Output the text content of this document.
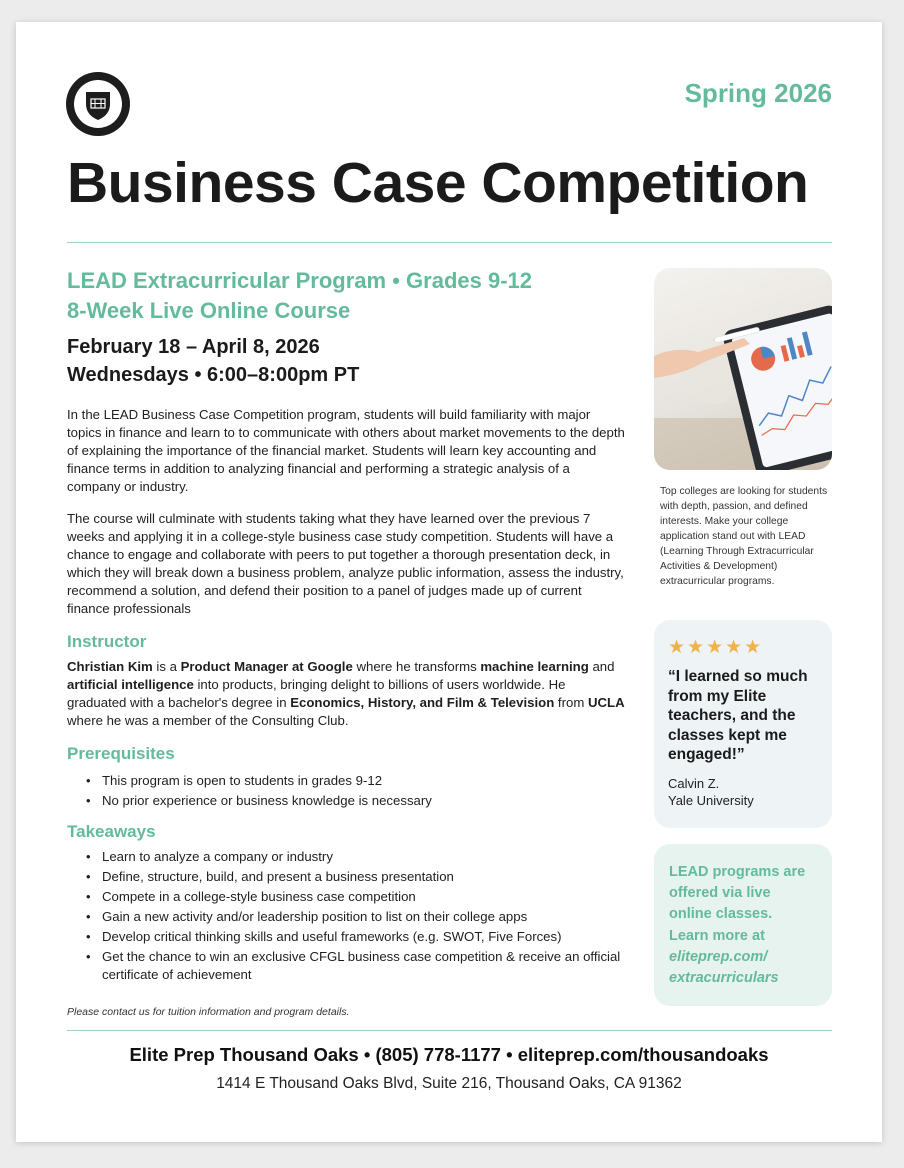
Spring 2026
Business Case Competition
LEAD Extracurricular Program • Grades 9-12
8-Week Live Online Course
February 18 – April 8, 2026
Wednesdays • 6:00–8:00pm PT

In the LEAD Business Case Competition program, students will build familiarity with major topics in finance and learn to to communicate with others about market movements to the depth of explaining the importance of the financial market. Students will learn key accounting and finance terms in addition to analyzing financial and performing a strategic analysis of a company or industry.

The course will culminate with students taking what they have learned over the previous 7 weeks and applying it in a college-style business case study competition. Students will have a chance to engage and collaborate with peers to put together a thorough presentation deck, in which they will break down a business problem, analyze public information, assess the industry, recommend a solution, and defend their position to a panel of judges made up of current finance professionals

Instructor

Christian Kim is a Product Manager at Google where he transforms machine learning and artificial intelligence into products, bringing delight to billions of users worldwide. He graduated with a bachelor's degree in Economics, History, and Film & Television from UCLA where he was a member of the Consulting Club.

Prerequisites
• This program is open to students in grades 9-12
• No prior experience or business knowledge is necessary
Takeaways
• Learn to analyze a company or industry
• Define, structure, build, and present a business presentation
• Compete in a college-style business case competition
• Gain a new activity and/or leadership position to list on their college apps
• Develop critical thinking skills and useful frameworks (e.g. SWOT, Five Forces)
• Get the chance to win an exclusive CFGL business case competition & receive an official certificate of achievement
Please contact us for tuition information and program details.

Top colleges are looking for students with depth, passion, and defined interests. Make your college application stand out with LEAD (Learning Through Extracurricular Activities & Development) extracurricular programs.

★★★★★
“I learned so much from my Elite teachers, and the classes kept me engaged!”
Calvin Z.
Yale University
LEAD programs are offered via live online classes.
Learn more at
eliteprep.com/ extracurriculars
Elite Prep Thousand Oaks • (805) 778-1177 • eliteprep.com/thousandoaks
1414 E Thousand Oaks Blvd, Suite 216, Thousand Oaks, CA 91362
